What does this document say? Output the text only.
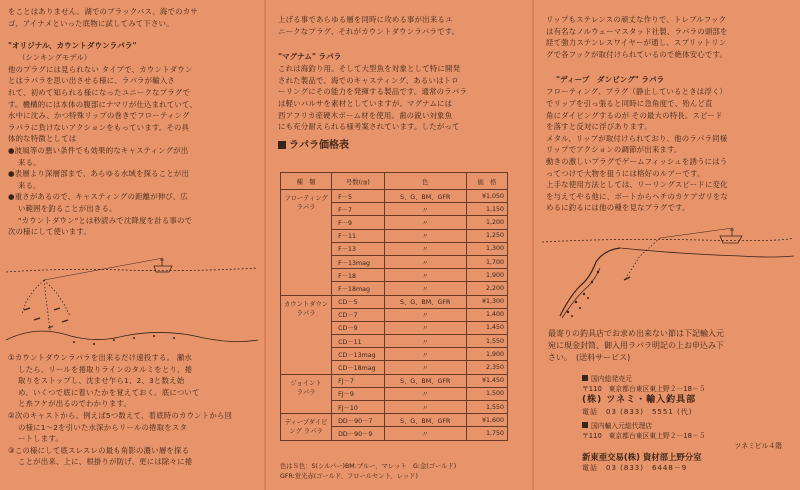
をことはありません。湖でのブラックバス、海でのカサ

ゴ、アイナメといった底物に試してみて下さい。

"オリジナル、カウントダウンラパラ"

（シンキングモデル）

他のプラグには見られない タイプで、カウントダウン

とはラパラを思い出させる様に、ラパラが輸入さ

れて、初めて知られる様になったユニークなプラグで

す。機構的には本体の腹部にナマリが仕込まれていて、

水中に沈み、かつ特殊リップの巻きでフローティング

ラパラに負けないアクションをもっています。その具

体的な特徴としては

●波風等の悪い条件でも効果的なキャスティングが出

来る。

●表層より深層部まで、あらゆる水域を探ることが出

来る。

●重さがあるので、キャスティングの距離が伸び、広

い範囲を釣ることが出きる。

"カウントダウン"とは秒読みで沈降度を計る事ので

次の様にして使います。

①カウントダウンラパラを出来るだけ遠投する。 瀬水

したら、リールを捲取りラインのタルミをとり、捲

取りをストップし、沈ませ乍ら1、2、3と数え始

め、いくつで底に着いたかを覚えておく。底について

と糸フケが出るのでわかります。

②次のキャストから、例えば5つ数えて、着底時のカウントから回

の様に1～2を引いた水深からリールの捲取をスタ

ートします。

③この様にして底スレスレの最も角影の濃い層を探る

ことが出来、上に、根掛りが防げ、更には除々に捲

上げる事であらゆる層を同時に攻める事が出来るユ

ニークなプラグ、それがカウントダウンラパラです。

"マグナム" ラパラ

これは海釣り用。そして大型魚を対象として特に開発

された製品で、海でのキャスティング、あるいはトロ

ーリングにその能力を発揮する製品です。通常のラパラ

は軽いバルサを素材としていますが、マグナムには

西アフリカ産硬木ボーム材を使用。歯の鋭い対象魚

にも充分耐えられる様考案されています。したがって

ラパラ価格表

種　類	号数(㎝)	色	価　格

フローティング
ラパラ	F－5	S、G、BM、GFR	¥1,050
	F－7	〃	1,150
	F－9	〃	1,200
	F－11	〃	1,250
	F－13	〃	1,300
	F－13mag	〃	1,700
	F－18	〃	1,900
	F－18mag	〃	2,200

カウントダウン
ラパラ	CD－5	S、G、BM、GFR	¥1,300
	CD－7	〃	1,400
	CD－9	〃	1,450
	CD－11	〃	1,550
	CD－13mag	〃	1,900
	CD－18mag	〃	2,350

ジョイント
ラパラ	FJ－7	S、G、BM、GFR	¥1,450
	FJ－9	〃	1,500
	FJ－10	〃	1,550

ディープダイビ
ング ラパラ	DD－90－7	S、G、BM、GFR	¥1,600
	DD－90－9	〃	1,750

色はＳ色：S(シルバー)BM:ブルー、マレット　G:金(ゴールド)

GFR:蛍光赤(ゴールド、フロールセント、レッド)

リップもステレンスの頑丈な作りで、トレブルフック

は有名なノルウェーマスタッド社製、ラパラの頭部を

経て強力ステンレスワイヤーが通し、スプリットリン

グで各フックが取付けられているので絶体安心です。

"ディープ　ダンビング" ラパラ

フローティング、プラグ（静止しているときは浮く）

でリップを引っ張ると同時に急角度で、殆んど直

角にダイビングするのが その最大の特長。スピード

を落すと反対に浮びあります。

メタル、リップが取付けられており、他のラパラ同様

リップでアクションの調節が出来ます。

動きの激しいプラグでゲームフィッシュを誘うにはう

ってつけで大物を狙うには格好のルアーです。

上手な使用方法としては、リーリングスピードに変化

を与えてやる他に、ボートからヘチのカケアガリをな

めるに釣るには他の種を見なブラグです。

最寄りの釣具店でお求め出来ない節は下記輸入元

宛に現金封筒、御入用ラパラ明記の上お申込み下

さい。　(送料サービス)

国内総発売元

〒110　東京都台東区東上野２－18－５

(株) ツネミ・輸入釣具部

電話　03 (833)　5551 (代)

国内輸入元総代理店

〒110　東京都台東区東上野２－18－５

ツネミビル４階

新東亜交易(株) 資材部上野分室

電話　03 (833)　6448－9
